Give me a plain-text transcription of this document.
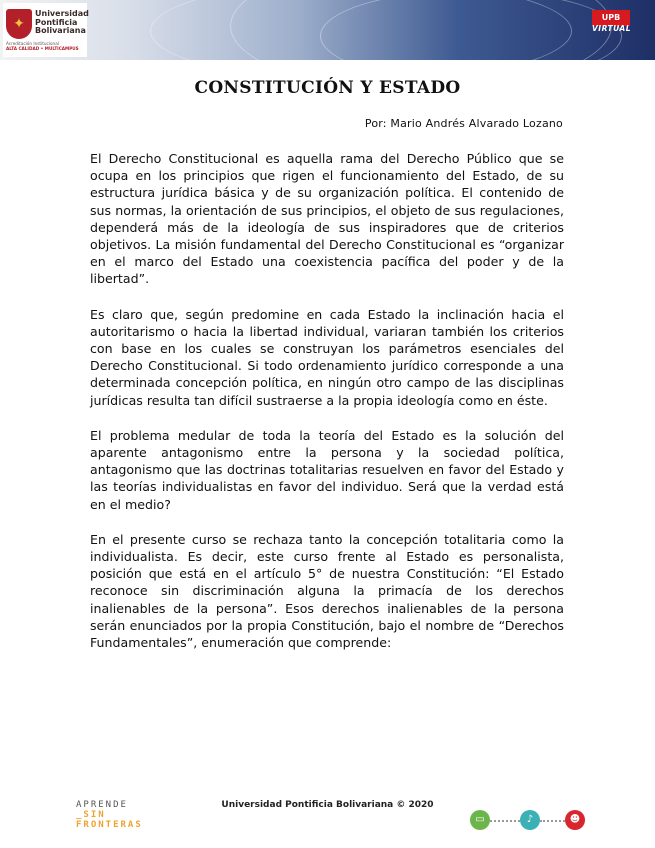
✦
Universidad
Pontificia
Bolivariana
Acreditación Institucional
ALTA CALIDAD • MULTICAMPUS
UPB
VIRTUAL
CONSTITUCIÓN Y ESTADO
Por: Mario Andrés Alvarado Lozano

El Derecho Constitucional es aquella rama del Derecho Público que se ocupa en los principios que rigen el funcionamiento del Estado, de su estructura jurídica básica y de su organización política. El contenido de sus normas, la orientación de sus principios, el objeto de sus regulaciones, dependerá más de la ideología de sus inspiradores que de criterios objetivos. La misión fundamental del Derecho Constitucional es “organizar en el marco del Estado una coexistencia pacífica del poder y de la libertad”.

Es claro que, según predomine en cada Estado la inclinación hacia el autoritarismo o hacia la libertad individual, variaran también los criterios con base en los cuales se construyan los parámetros esenciales del Derecho Constitucional. Si todo ordenamiento jurídico corresponde a una determinada concepción política, en ningún otro campo de las disciplinas jurídicas resulta tan difícil sustraerse a la propia ideología como en éste.

El problema medular de toda la teoría del Estado es la solución del aparente antagonismo entre la persona y la sociedad política, antagonismo que las doctrinas totalitarias resuelven en favor del Estado y las teorías individualistas en favor del individuo. Será que la verdad está en el medio?

En el presente curso se rechaza tanto la concepción totalitaria como la individualista. Es decir, este curso frente al Estado es personalista, posición que está en el artículo 5° de nuestra Constitución: “El Estado reconoce sin discriminación alguna la primacía de los derechos inalienables de la persona”. Esos derechos inalienables de la persona serán enunciados por la propia Constitución, bajo el nombre de “Derechos Fundamentales”, enumeración que comprende:

APRENDE
_SIN
FRONTERAS
Universidad Pontificia Bolivariana © 2020
▭	♪	☻
